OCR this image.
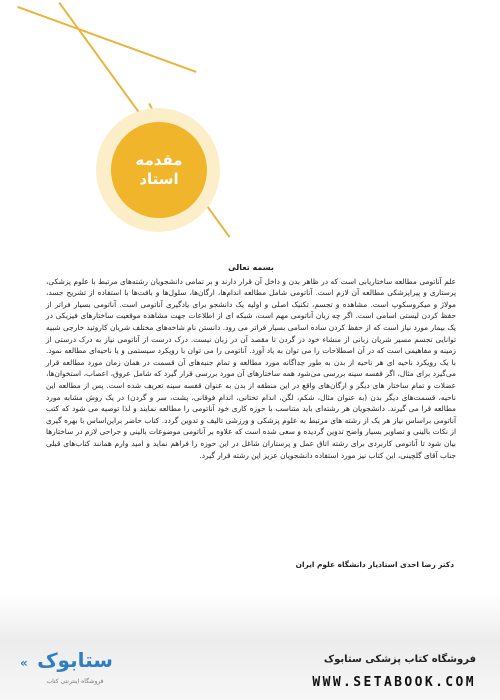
مقدمه
استاد
بسمه تعالی
علم آناتومی مطالعه ساختاریابی است که در ظاهر بدن و داخل آن قرار دارند و بر تمامی دانشجویان رشته‌های مرتبط با علوم پزشکی، پرستاری و پیراپزشکی مطالعه آن لازم است. آناتومی شامل مطالعه اندام‌ها، ارگان‌ها، سلول‌ها و بافت‌ها با استفاده از تشریح جسد، مولاژ و میکروسکوپ است. مشاهده و تجسم، تکنیک اصلی و اولیه یک دانشجو برای یادگیری آناتومی است. آناتومی بسیار فراتر از حفظ کردن لیستی اسامی است. اگر چه زبان آناتومی مهم است، شبکه ای از اطلاعات جهت مشاهده موقعیت ساختارهای فیزیکی در یک بیمار مورد نیاز است که از حفظ کردن ساده اسامی بسیار فراتر می رود. دانستن نام شاخه‌های مختلف شریان کاروتید خارجی شبیه توانایی تجسم مسیر شریان زبانی از منشاء خود در گردن تا مقصد آن در زبان نیست. درک درست از آناتومی نیاز به درک درستی از زمینه و مفاهیمی است که در آن اصطلاحات را می توان به یاد آورد. آناتومی را می توان با رویکرد سیستمی و یا ناحیه‌ای مطالعه نمود. با یک رویکرد ناحیه ای هر ناحیه از بدن به طور جداگانه مورد مطالعه و تمام جنبه‌های آن قسمت در همان زمان مورد مطالعه قرار می‌گیرد برای مثال، اگر قفسه سینه بررسی می‌شود همه ساختارهای آن مورد بررسی قرار گیرد که شامل عروق، اعصاب، استخوان‌ها، عضلات و تمام ساختار های دیگر و ارگان‌های واقع در این منطقه از بدن به عنوان قفسه سینه تعریف شده است. پس از مطالعه این ناحیه، قسمت‌های دیگر بدن (به عنوان مثال، شکم، لگن، اندام تحتانی، اندام فوقانی، پشت، سر و گردن) در یک روش مشابه مورد مطالعه قرا می گیرند. دانشجویان هر رشته‌ای باید متناسب با حوزه کاری خود آناتومی را مطالعه نمایند و لذا توصیه می شود که کتب آناتومی براساس نیاز هر یک از رشته های مرتبط به علوم پزشکی و ورزشی تالیف و تدوین گردد. کتاب حاضر براین‌اساس با بهره گیری از نکات بالینی و تصاویر بسیار واضح تدوین گردیده و سعی شده است که علاوه بر آناتومی موضوعات بالینی و جراحی لازم در ساختارها بیان شود تا آناتومی کاربردی برای رشته اتاق عمل و پرستاران شاغل در این حوزه را فراهم نماید و امید وارم همانند کتاب‌های قبلی جناب آقای گلچینی، این کتاب نیز مورد استفاده دانشجویان عزیز این رشته قرار گیرد.
دکتر رضا احدی استادیار دانشگاه علوم ایران
« ستابوک
فروشگاه اینترنتی کتاب
فروشگاه کتاب پزشکی ستابوک
WWW.SETABOOK.COM
